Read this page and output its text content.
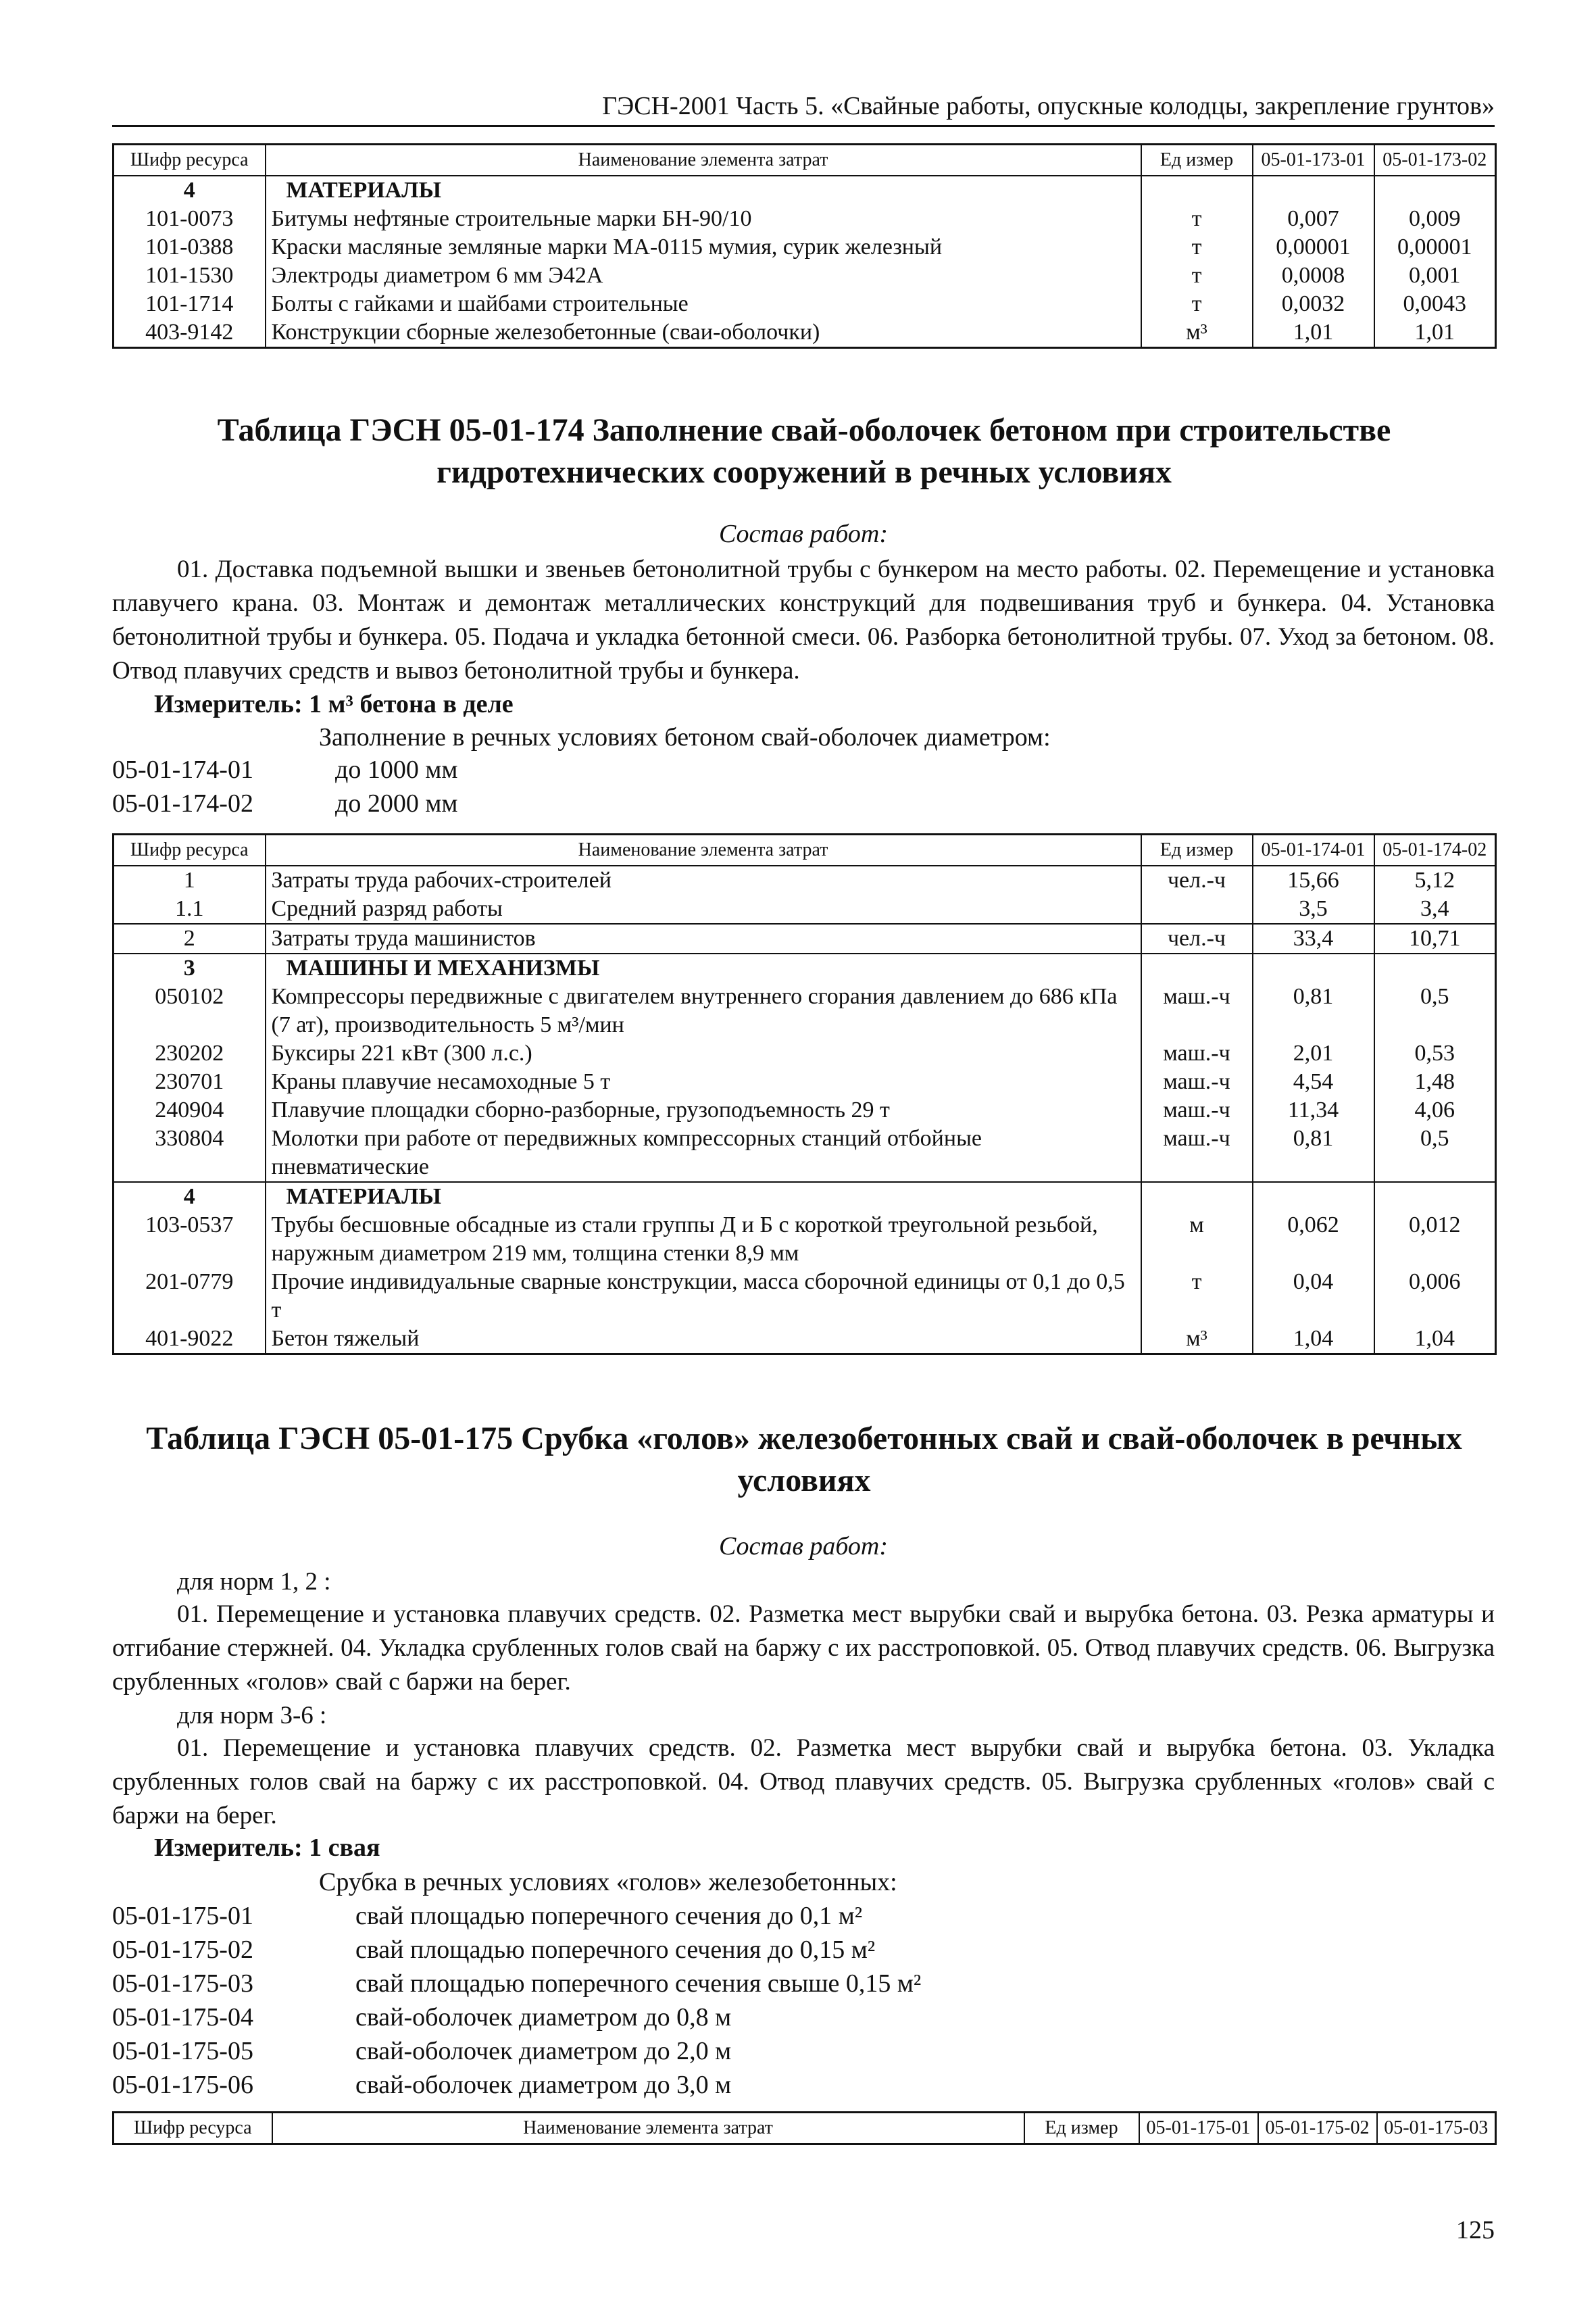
ГЭСН-2001 Часть 5. «Свайные работы, опускные колодцы, закрепление грунтов»
Шифр ресурса	Наименование элемента затрат	Ед измер	05-01-173-01	05-01-173-02
4	МАТЕРИАЛЫ			
101-0073	Битумы нефтяные строительные марки БН-90/10	т	0,007	0,009
101-0388	Краски масляные земляные марки МА-0115 мумия, сурик железный	т	0,00001	0,00001
101-1530	Электроды диаметром 6 мм Э42А	т	0,0008	0,001
101-1714	Болты с гайками и шайбами строительные	т	0,0032	0,0043
403-9142	Конструкции сборные железобетонные (сваи-оболочки)	м³	1,01	1,01
Таблица ГЭСН 05-01-174 Заполнение свай-оболочек бетоном при строительстве гидротехнических сооружений в речных условиях
Состав работ:
01. Доставка подъемной вышки и звеньев бетонолитной трубы с бункером на место работы. 02. Перемещение и установка плавучего крана. 03. Монтаж и демонтаж металлических конструкций для подвешивания труб и бункера. 04. Установка бетонолитной трубы и бункера. 05. Подача и укладка бетонной смеси. 06. Разборка бетонолитной трубы. 07. Уход за бетоном. 08. Отвод плавучих средств и вывоз бетонолитной трубы и бункера.
Измеритель: 1 м³ бетона в деле
Заполнение в речных условиях бетоном свай-оболочек диаметром:
05-01-174-01	до 1000 мм
05-01-174-02	до 2000 мм
Шифр ресурса	Наименование элемента затрат	Ед измер	05-01-174-01	05-01-174-02
1	Затраты труда рабочих-строителей	чел.-ч	15,66	5,12
1.1	Средний разряд работы		3,5	3,4
2	Затраты труда машинистов	чел.-ч	33,4	10,71
3	МАШИНЫ И МЕХАНИЗМЫ			
050102	Компрессоры передвижные с двигателем внутреннего сгорания давлением до 686 кПа (7 ат), производительность 5 м³/мин	маш.-ч	0,81	0,5
230202	Буксиры 221 кВт (300 л.с.)	маш.-ч	2,01	0,53
230701	Краны плавучие несамоходные 5 т	маш.-ч	4,54	1,48
240904	Плавучие площадки сборно-разборные, грузоподъемность 29 т	маш.-ч	11,34	4,06
330804	Молотки при работе от передвижных компрессорных станций отбойные пневматические	маш.-ч	0,81	0,5
4	МАТЕРИАЛЫ			
103-0537	Трубы бесшовные обсадные из стали группы Д и Б с короткой треугольной резьбой, наружным диаметром 219 мм, толщина стенки 8,9 мм	м	0,062	0,012
201-0779	Прочие индивидуальные сварные конструкции, масса сборочной единицы от 0,1 до 0,5 т	т	0,04	0,006
401-9022	Бетон тяжелый	м³	1,04	1,04
Таблица ГЭСН 05-01-175 Срубка «голов» железобетонных свай и свай-оболочек в речных условиях
Состав работ:
для норм 1, 2 :
01. Перемещение и установка плавучих средств. 02. Разметка мест вырубки свай и вырубка бетона. 03. Резка арматуры и отгибание стержней. 04. Укладка срубленных голов свай на баржу с их расстроповкой. 05. Отвод плавучих средств. 06. Выгрузка срубленных «голов» свай с баржи на берег.
для норм 3-6 :
01. Перемещение и установка плавучих средств. 02. Разметка мест вырубки свай и вырубка бетона. 03. Укладка срубленных голов свай на баржу с их расстроповкой. 04. Отвод плавучих средств. 05. Выгрузка срубленных «голов» свай с баржи на берег.
Измеритель: 1 свая
Срубка в речных условиях «голов» железобетонных:
05-01-175-01	свай площадью поперечного сечения до 0,1 м²
05-01-175-02	свай площадью поперечного сечения до 0,15 м²
05-01-175-03	свай площадью поперечного сечения свыше 0,15 м²
05-01-175-04	свай-оболочек диаметром до 0,8 м
05-01-175-05	свай-оболочек диаметром до 2,0 м
05-01-175-06	свай-оболочек диаметром до 3,0 м
Шифр ресурса	Наименование элемента затрат	Ед измер	05-01-175-01	05-01-175-02	05-01-175-03
125
